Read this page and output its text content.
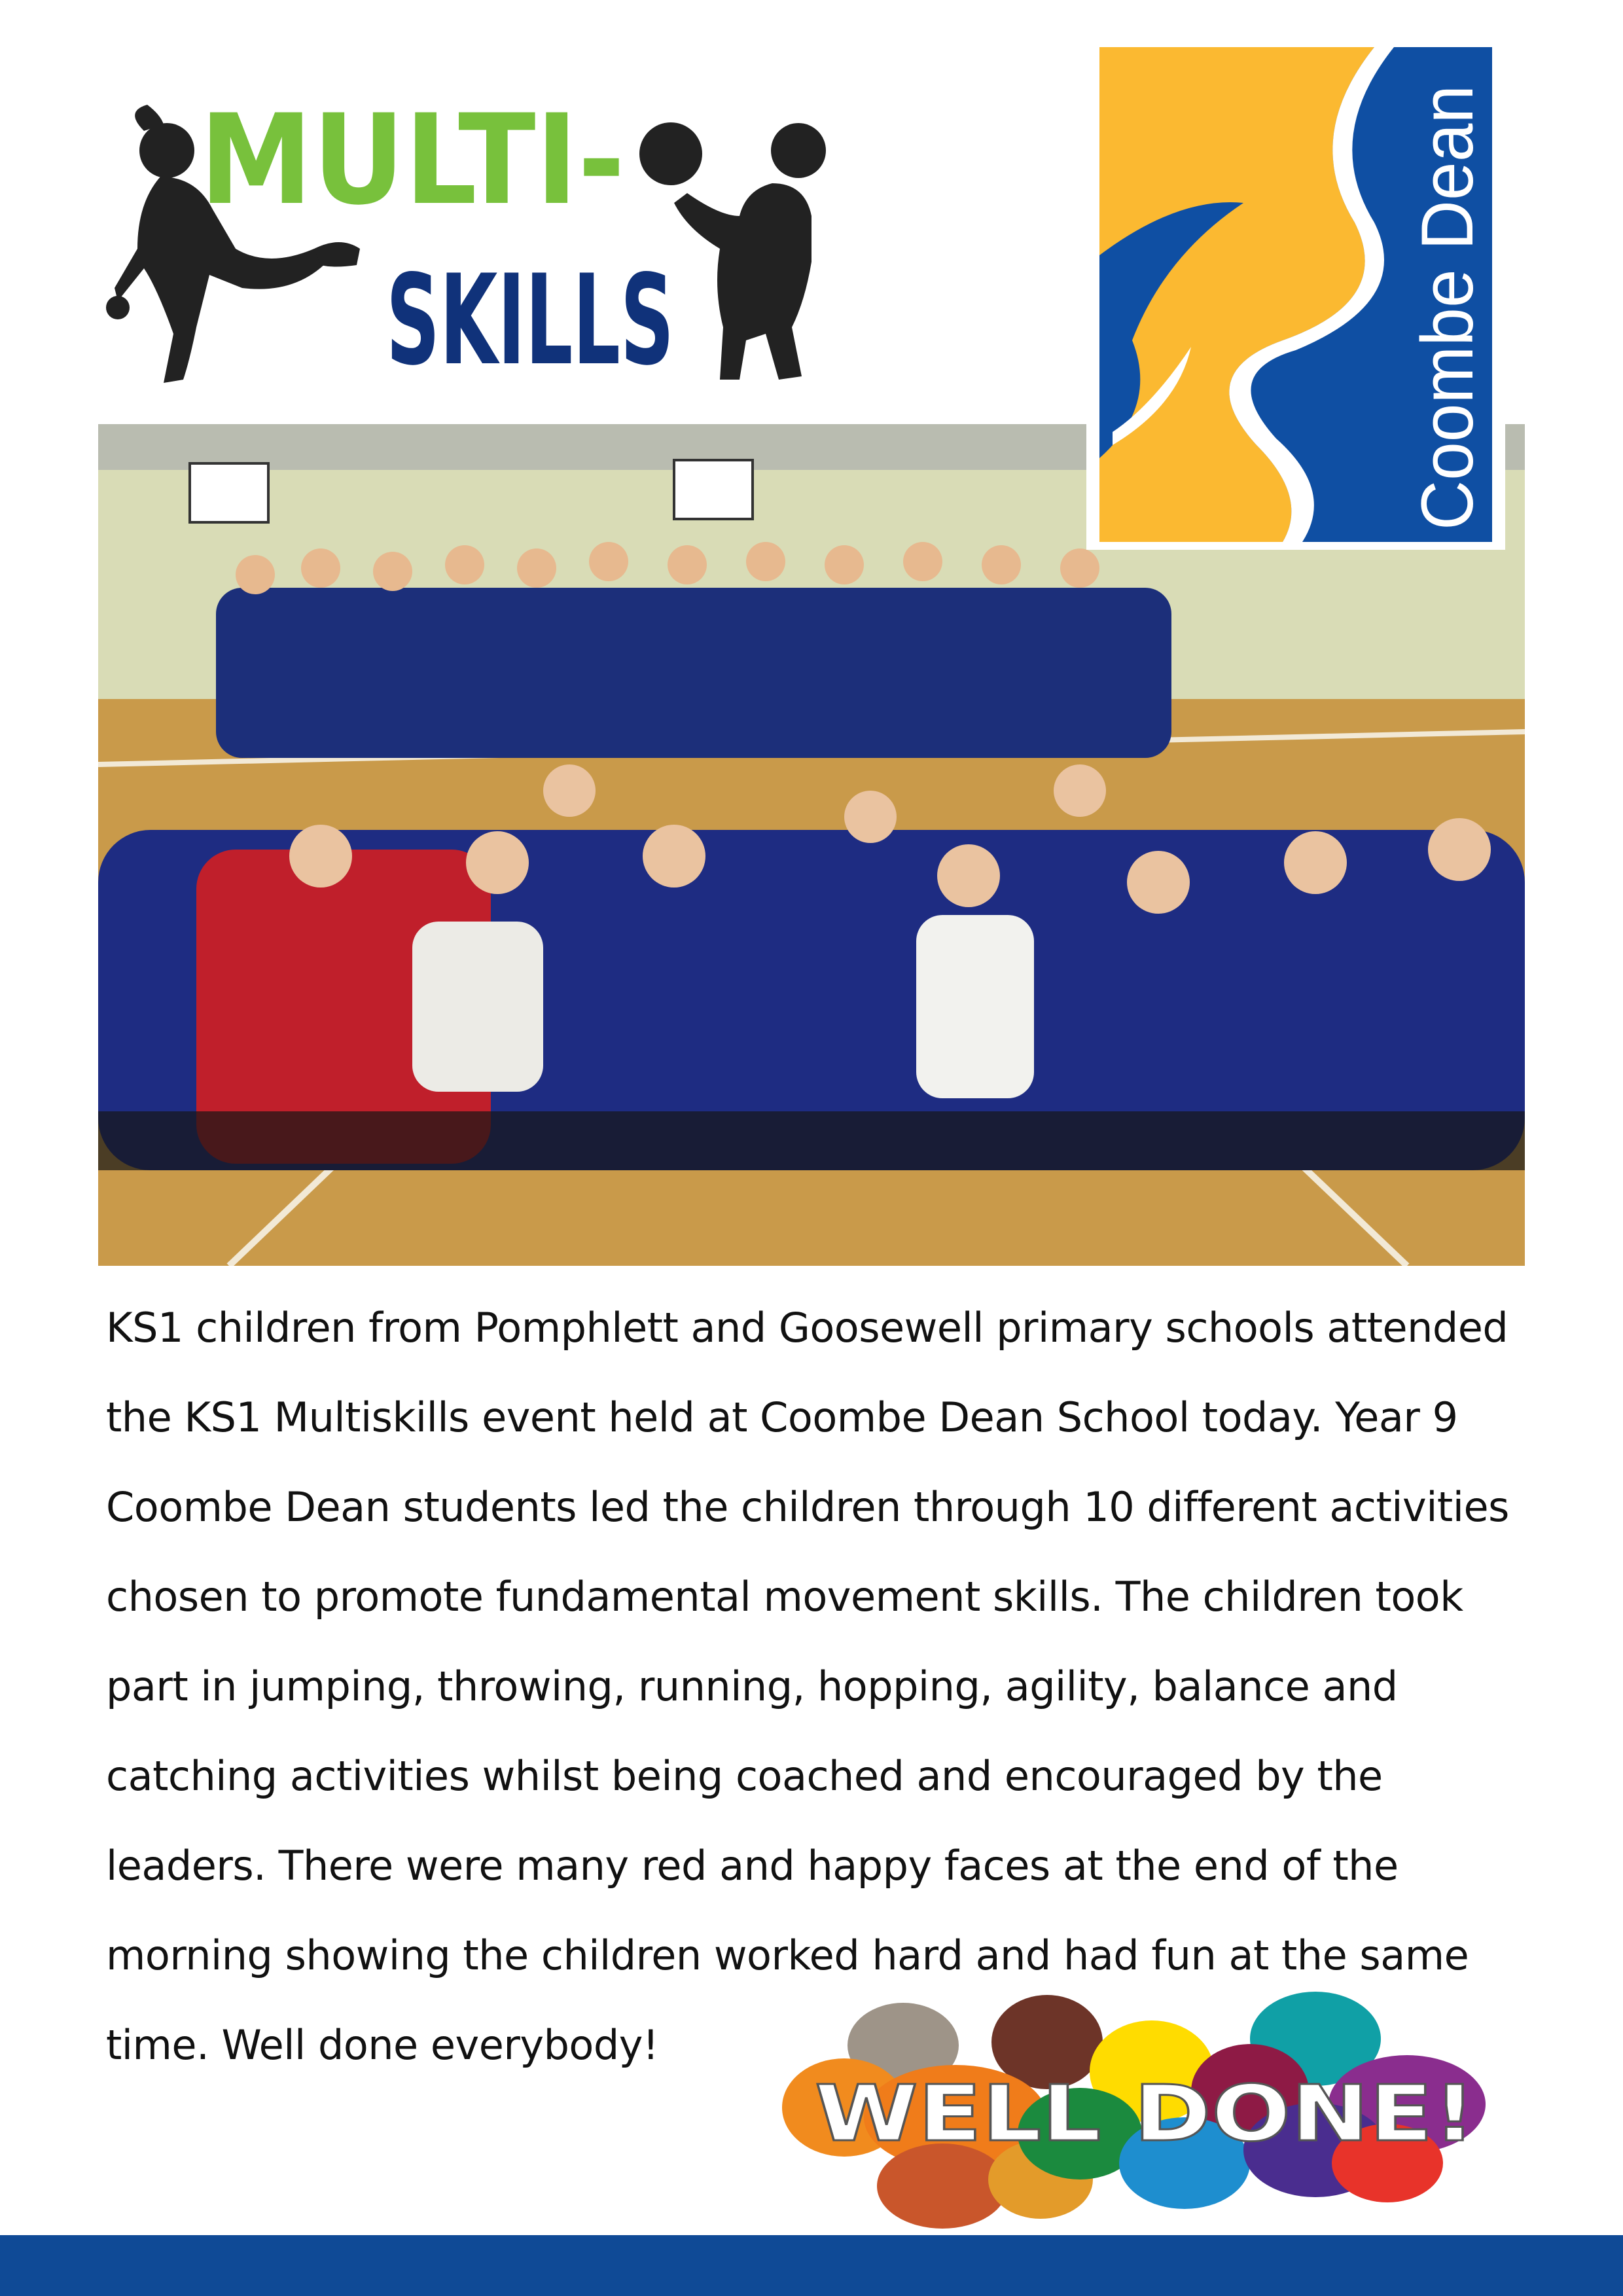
MULTI-
SKILLS	Coombe Dean
KS1 children from Pomphlett and Goosewell primary schools attended
the KS1 Multiskills event held at Coombe Dean School today. Year 9
Coombe Dean students led the children through 10 different activities
chosen to promote fundamental movement skills. The children took
part in jumping, throwing, running, hopping, agility, balance and
catching activities whilst being coached and encouraged by the
leaders. There were many red and happy faces at the end of the
morning showing the children worked hard and had fun at the same
time. Well done everybody!
WELL DONE!
